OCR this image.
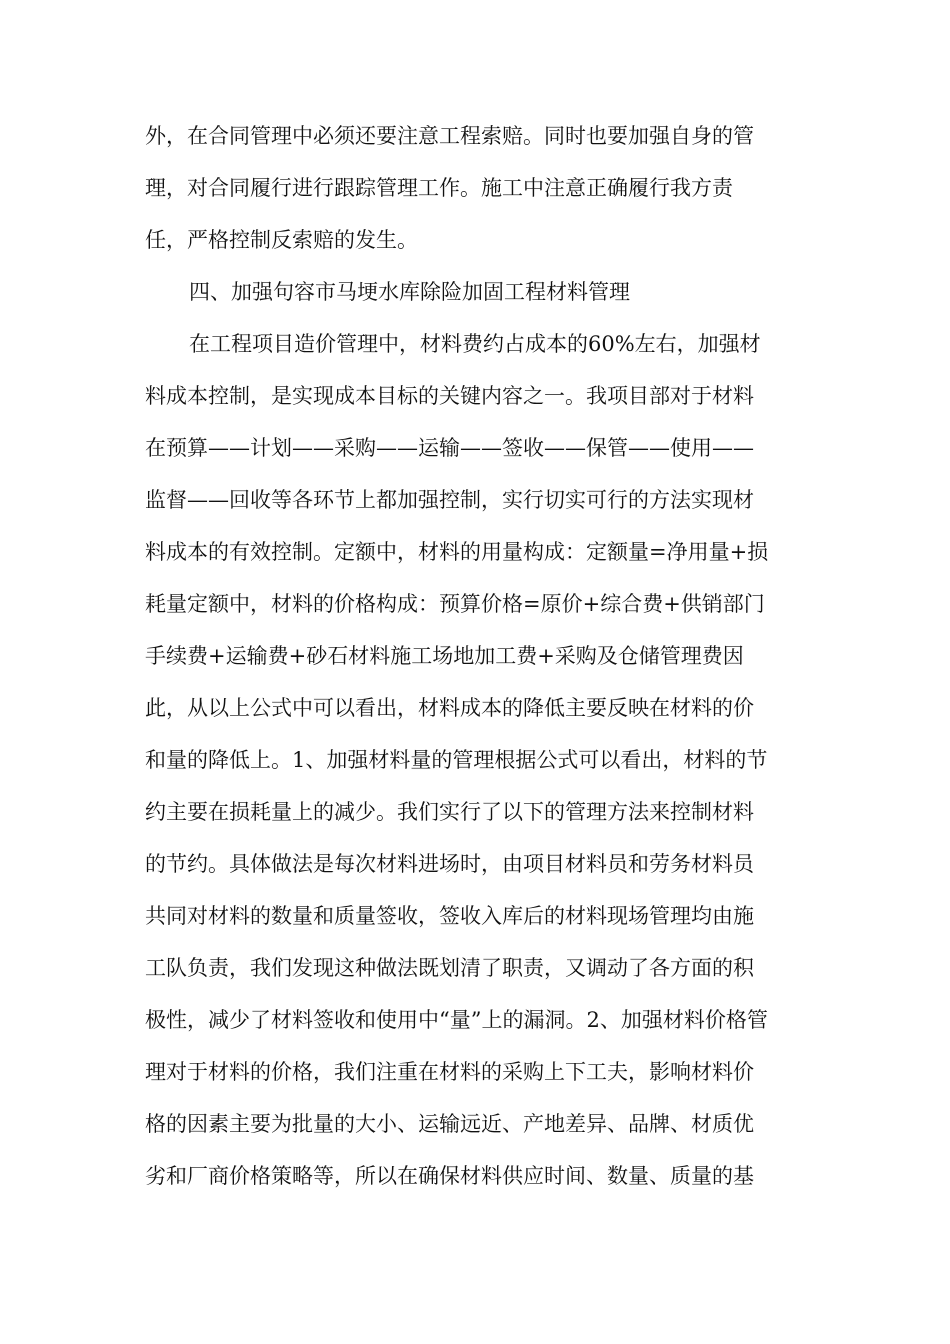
外，在合同管理中必须还要注意工程索赔。同时也要加强自身的管
理，对合同履行进行跟踪管理工作。施工中注意正确履行我方责
任，严格控制反索赔的发生。
四、加强句容市马埂水库除险加固工程材料管理
在工程项目造价管理中，材料费约占成本的60%左右，加强材
料成本控制，是实现成本目标的关键内容之一。我项目部对于材料
在预算——计划——采购——运输——签收——保管——使用——
监督——回收等各环节上都加强控制，实行切实可行的方法实现材
料成本的有效控制。定额中，材料的用量构成：定额量=净用量+损
耗量定额中，材料的价格构成：预算价格=原价+综合费+供销部门
手续费+运输费+砂石材料施工场地加工费+采购及仓储管理费因
此，从以上公式中可以看出，材料成本的降低主要反映在材料的价
和量的降低上。1、加强材料量的管理根据公式可以看出，材料的节
约主要在损耗量上的减少。我们实行了以下的管理方法来控制材料
的节约。具体做法是每次材料进场时，由项目材料员和劳务材料员
共同对材料的数量和质量签收，签收入库后的材料现场管理均由施
工队负责，我们发现这种做法既划清了职责，又调动了各方面的积
极性，减少了材料签收和使用中“量”上的漏洞。2、加强材料价格管
理对于材料的价格，我们注重在材料的采购上下工夫，影响材料价
格的因素主要为批量的大小、运输远近、产地差异、品牌、材质优
劣和厂商价格策略等，所以在确保材料供应时间、数量、质量的基
